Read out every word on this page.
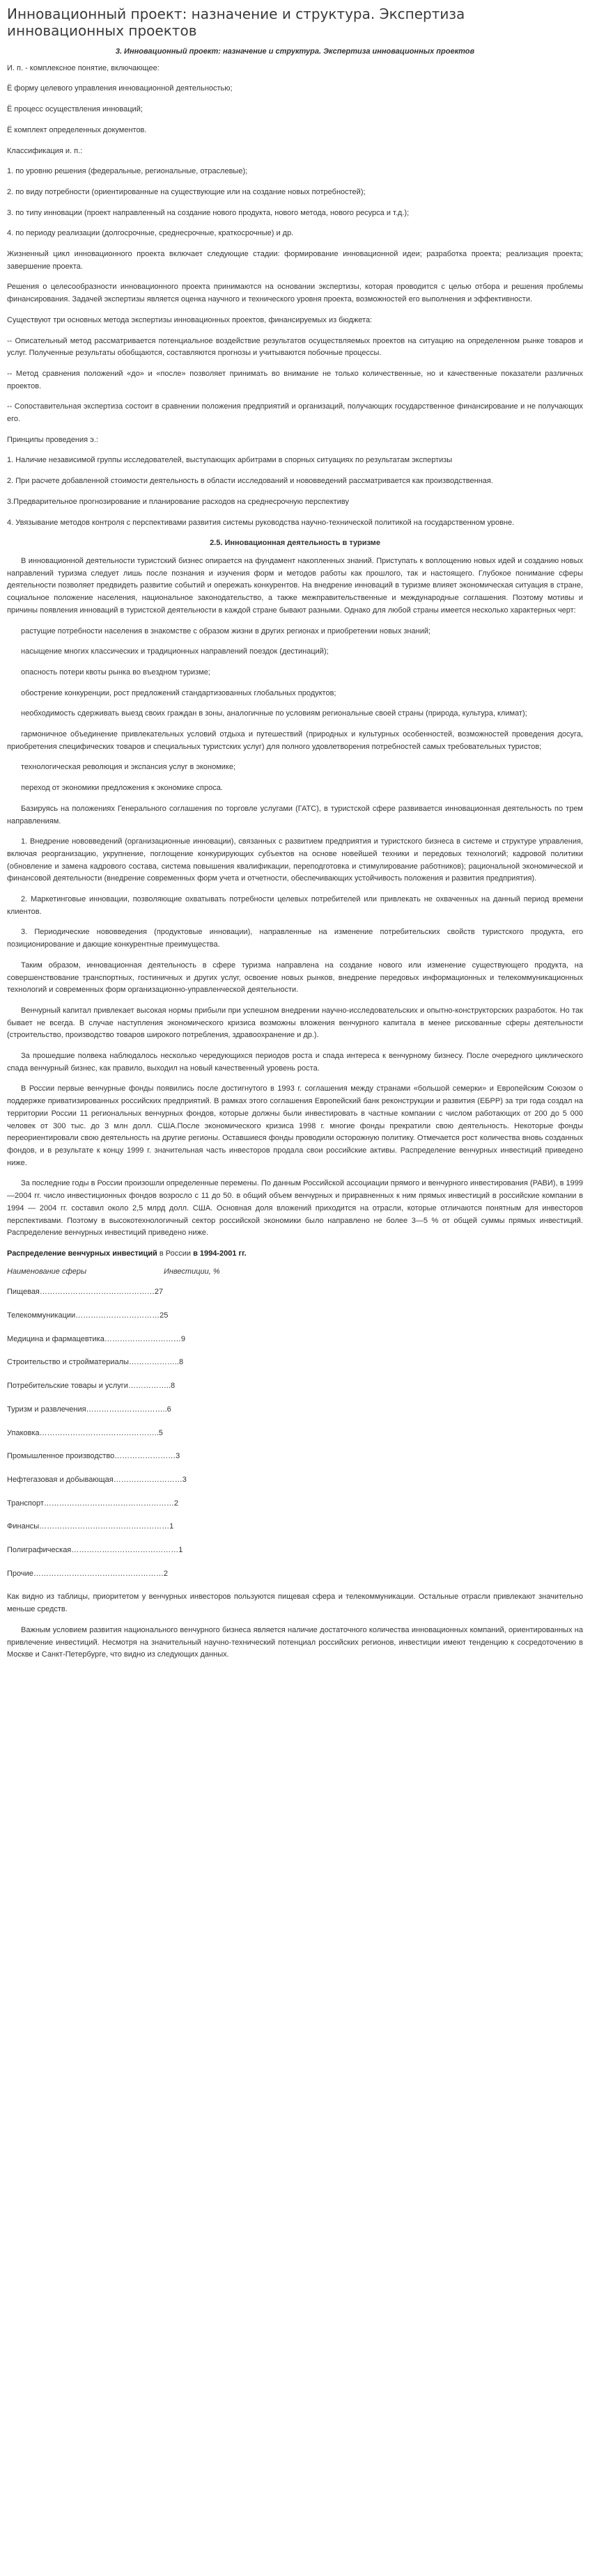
Инновационный проект: назначение и структура. Экспертиза инновационных проектов
3. Инновационный проект: назначение и структура. Экспертиза инновационных проектов

И. п. - комплексное понятие, включающее:

Ё форму целевого управления инновационной деятельностью;

Ё процесс осуществления инноваций;

Ё комплект определенных документов.

Классификация и. п.:

1. по уровню решения (федеральные, региональные, отраслевые);

2. по виду потребности (ориентированные на существующие или на создание новых потребностей);

3. по типу инновации (проект направленный на создание нового продукта, нового метода, нового ресурса и т.д.);

4. по периоду реализации (долгосрочные, среднесрочные, краткосрочные) и др.

Жизненный цикл инновационного проекта включает следующие стадии: формирование инновационной идеи; разработка проекта; реализация проекта; завершение проекта.

Решения о целесообразности инновационного проекта принимаются на основании экспертизы, которая проводится с целью отбора и решения проблемы финансирования. Задачей экспертизы является оценка научного и технического уровня проекта, возможностей его выполнения и эффективности.

Существуют три основных метода экспертизы инновационных проектов, финансируемых из бюджета:

-- Описательный метод рассматривается потенциальное воздействие результатов осуществляемых проектов на ситуацию на определенном рынке товаров и услуг. Полученные результаты обобщаются, составляются прогнозы и учитываются побочные процессы.

-- Метод сравнения положений «до» и «после» позволяет принимать во внимание не только количественные, но и качественные показатели различных проектов.

-- Сопоставительная экспертиза состоит в сравнении положения предприятий и организаций, получающих государственное финансирование и не получающих его.

Принципы проведения э.:

1. Наличие независимой группы исследователей, выступающих арбитрами в спорных ситуациях по результатам экспертизы

2. При расчете добавленной стоимости деятельность в области исследований и нововведений рассматривается как производственная.

3.Предварительное прогнозирование и планирование расходов на среднесрочную перспективу

4. Увязывание методов контроля с перспективами развития системы руководства научно-технической политикой на государственном уровне.

2.5. Инновационная деятельность в туризме

В инновационной деятельности туристский бизнес опирается на фундамент накопленных знаний. Приступать к воплощению новых идей и созданию новых направлений туризма следует лишь после познания и изучения форм и методов работы как прошлого, так и настоящего. Глубокое понимание сферы деятельности позволяет предвидеть развитие событий и опережать конкурентов. На внедрение инноваций в туризме влияет экономическая ситуация в стране, социальное положение населения, национальное законодательство, а также межправительственные и международные соглашения. Поэтому мотивы и причины появления инноваций в туристской деятельности в каждой стране бывают разными. Однако для любой страны имеется несколько характерных черт:

растущие потребности населения в знакомстве с образом жизни в других регионах и приобретении новых знаний;

насыщение многих классических и традиционных направлений поездок (дестинаций);

опасность потери квоты рынка во въездном туризме;

обострение конкуренции, рост предложений стандартизованных глобальных продуктов;

необходимость сдерживать выезд своих граждан в зоны, аналогичные по условиям региональные своей страны (природа, культура, климат);

гармоничное объединение привлекательных условий отдыха и путешествий (природных и культурных особенностей, возможностей проведения досуга, приобретения специфических товаров и специальных туристских услуг) для полного удовлетворения потребностей самых требовательных туристов;

технологическая революция и экспансия услуг в экономике;

переход от экономики предложения к экономике спроса.

Базируясь на положениях Генерального соглашения по торговле услугами (ГАТС), в туристской сфере развивается инновационная деятельность по трем направлениям.

1. Внедрение нововведений (организационные инновации), связанных с развитием предприятия и туристского бизнеса в системе и структуре управления, включая реорганизацию, укрупнение, поглощение конкурирующих субъектов на основе новейшей техники и передовых технологий; кадровой политики (обновление и замена кадрового состава, система повышения квалификации, переподготовка и стимулирование работников); рациональной экономической и финансовой деятельности (внедрение современных форм учета и отчетности, обеспечивающих устойчивость положения и развития предприятия).

2. Маркетинговые инновации, позволяющие охватывать потребности целевых потребителей или привлекать не охваченных на данный период времени клиентов.

3. Периодические нововведения (продуктовые инновации), направленные на изменение потребительских свойств туристского продукта, его позиционирование и дающие конкурентные преимущества.

Таким образом, инновационная деятельность в сфере туризма направлена на создание нового или изменение существующего продукта, на совершенствование транспортных, гостиничных и других услуг, освоение новых рынков, внедрение передовых информационных и телекоммуникационных технологий и современных форм организационно-управленческой деятельности.

Венчурный капитал привлекает высокая нормы прибыли при успешном внедрении научно-исследовательских и опытно-конструкторских разработок. Но так бывает не всегда. В случае наступления экономического кризиса возможны вложения венчурного капитала в менее рискованные сферы деятельности (строительство, производство товаров широкого потребления, здравоохранение и др.).

За прошедшие полвека наблюдалось несколько чередующихся периодов роста и спада интереса к венчурному бизнесу. После очередного циклического спада венчурный бизнес, как правило, выходил на новый качественный уровень роста.

В России первые венчурные фонды появились после достигнутого в 1993 г. соглашения между странами «большой семерки» и Европейским Союзом о поддержке приватизированных российских предприятий. В рамках этого соглашения Европейский банк реконструкции и развития (ЕБРР) за три года создал на территории России 11 региональных венчурных фондов, которые должны были инвестировать в частные компании с числом работающих от 200 до 5 000 человек от 300 тыс. до 3 млн долл. США.После экономического кризиса 1998 г. многие фонды прекратили свою деятельность. Некоторые фонды переориентировали свою деятельность на другие регионы. Оставшиеся фонды проводили осторожную политику. Отмечается рост количества вновь созданных фондов, и в результате к концу 1999 г. значительная часть инвесторов продала свои российские активы. Распределение венчурных инвестиций приведено ниже.

За последние годы в России произошли определенные перемены. По данным Российской ассоциации прямого и венчурного инвестирования (РАВИ), в 1999—2004 гг. число инвестиционных фондов возросло с 11 до 50. в общий объем венчурных и приравненных к ним прямых инвестиций в российские компании в 1994 — 2004 гг. составил около 2,5 млрд долл. США. Основная доля вложений приходится на отрасли, которые отличаются понятным для инвесторов перспективами. Поэтому в высокотехнологичный сектор российской экономики было направлено не более 3—5 % от общей суммы прямых инвестиций. Распределение венчурных инвестиций приведено ниже.

Распределение венчурных инвестиций в России в 1994-2001 гг.
Наименование сферы	Инвестиции, %

Пищевая………………………………………27

Телекоммуникации……………………………25

Медицина и фармацевтика…………………………9

Строительство и стройматериалы………………..8

Потребительские товары и услуги……………..8

Туризм и развлечения…………………………..6

Упаковка………………………………………..5

Промышленное производство……………………3

Нефтегазовая и добывающая………………………3

Транспорт……………………………………………2

Финансы……………………………………………1

Полиграфическая……………………………………1

Прочие……………………………………………2

Как видно из таблицы, приоритетом у венчурных инвесторов пользуются пищевая сфера и телекоммуникации. Остальные отрасли привлекают значительно меньше средств.

Важным условием развития национального венчурного бизнеса является наличие достаточного количества инновационных компаний, ориентированных на привлечение инвестиций. Несмотря на значительный научно-технический потенциал российских регионов, инвестиции имеют тенденцию к сосредоточению в Москве и Санкт-Петербурге, что видно из следующих данных.
